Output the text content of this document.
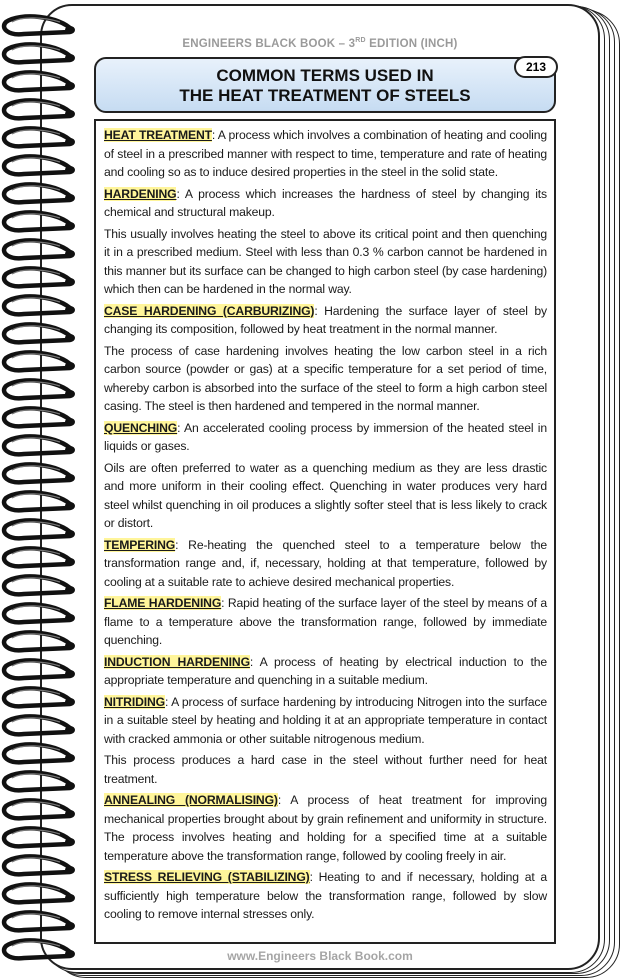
ENGINEERS BLACK BOOK – 3RD EDITION (INCH)
COMMON TERMS USED IN
THE HEAT TREATMENT OF STEELS
213

HEAT TREATMENT: A process which involves a combination of heating and cooling of steel in a prescribed manner with respect to time, temperature and rate of heating and cooling so as to induce desired properties in the steel in the solid state.

HARDENING: A process which increases the hardness of steel by changing its chemical and structural makeup.

This usually involves heating the steel to above its critical point and then quenching it in a prescribed medium. Steel with less than 0.3 % carbon cannot be hardened in this manner but its surface can be changed to high carbon steel (by case hardening) which then can be hardened in the normal way.

CASE HARDENING (CARBURIZING): Hardening the surface layer of steel by changing its composition, followed by heat treatment in the normal manner.

The process of case hardening involves heating the low carbon steel in a rich carbon source (powder or gas) at a specific temperature for a set period of time, whereby carbon is absorbed into the surface of the steel to form a high carbon steel casing. The steel is then hardened and tempered in the normal manner.

QUENCHING: An accelerated cooling process by immersion of the heated steel in liquids or gases.

Oils are often preferred to water as a quenching medium as they are less drastic and more uniform in their cooling effect. Quenching in water produces very hard steel whilst quenching in oil produces a slightly softer steel that is less likely to crack or distort.

TEMPERING: Re-heating the quenched steel to a temperature below the transformation range and, if, necessary, holding at that temperature, followed by cooling at a suitable rate to achieve desired mechanical properties.

FLAME HARDENING: Rapid heating of the surface layer of the steel by means of a flame to a temperature above the transformation range, followed by immediate quenching.

INDUCTION HARDENING: A process of heating by electrical induction to the appropriate temperature and quenching in a suitable medium.

NITRIDING: A process of surface hardening by introducing Nitrogen into the surface in a suitable steel by heating and holding it at an appropriate temperature in contact with cracked ammonia or other suitable nitrogenous medium.

This process produces a hard case in the steel without further need for heat treatment.

ANNEALING (NORMALISING): A process of heat treatment for improving mechanical properties brought about by grain refinement and uniformity in structure. The process involves heating and holding for a specified time at a suitable temperature above the transformation range, followed by cooling freely in air.

STRESS RELIEVING (STABILIZING): Heating to and if necessary, holding at a sufficiently high temperature below the transformation range, followed by slow cooling to remove internal stresses only.

www.Engineers Black Book.com
